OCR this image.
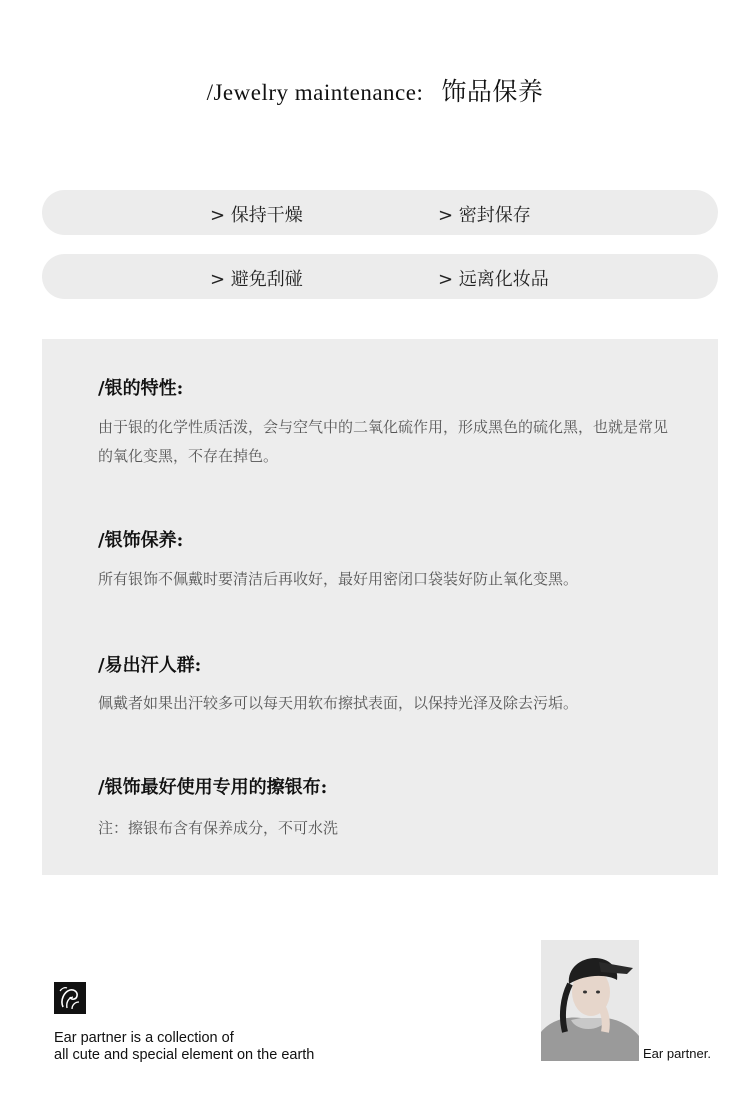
/Jewelry maintenance: 饰品保养
> 保持干燥	> 密封保存
> 避免刮碰	> 远离化妆品
/银的特性:
由于银的化学性质活泼，会与空气中的二氧化硫作用，形成黑色的硫化黑，也就是常见的氧化变黑，不存在掉色。
/银饰保养:
所有银饰不佩戴时要清洁后再收好，最好用密闭口袋装好防止氧化变黑。
/易出汗人群:
佩戴者如果出汗较多可以每天用软布擦拭表面，以保持光泽及除去污垢。
/银饰最好使用专用的擦银布:
注：擦银布含有保养成分，不可水洗
Ear partner is a collection of
all cute and special element on the earth	Ear partner.
